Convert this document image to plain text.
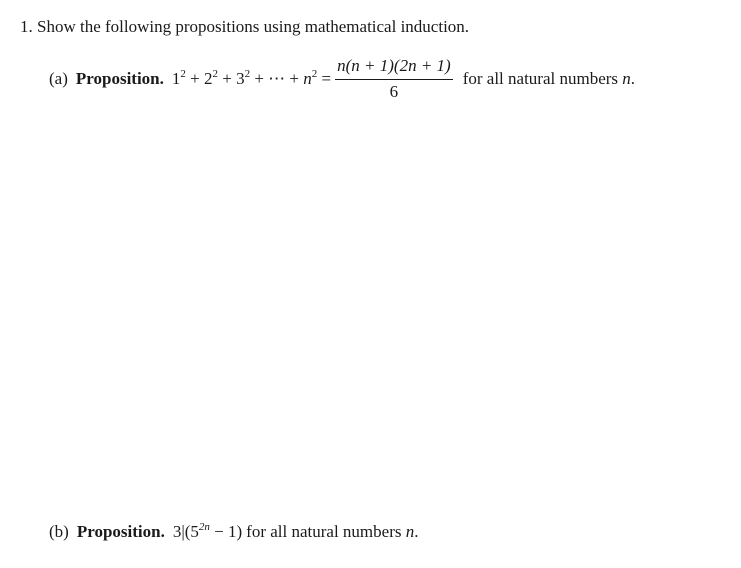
1. Show the following propositions using mathematical induction.
(a) Proposition. $1^2 + 2^2 + 3^2$ + ⋯ + $n^2 = \frac{n(n + 1)(2n + 1)}{6}$ for all natural numbers n.
(b) Proposition. $3|(5^{2n} - 1)$ for all natural numbers n.
